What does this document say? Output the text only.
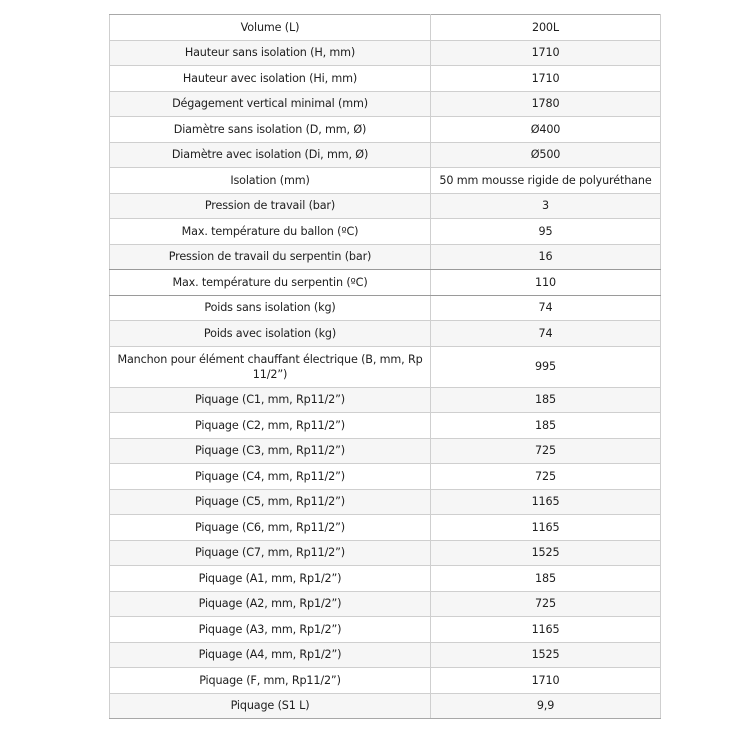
Volume (L)	200L
Hauteur sans isolation (H, mm)	1710
Hauteur avec isolation (Hi, mm)	1710
Dégagement vertical minimal (mm)	1780
Diamètre sans isolation (D, mm, Ø)	Ø400
Diamètre avec isolation (Di, mm, Ø)	Ø500
Isolation (mm)	50 mm mousse rigide de polyuréthane
Pression de travail (bar)	3
Max. température du ballon (ºC)	95
Pression de travail du serpentin (bar)	16
Max. température du serpentin (ºC)	110
Poids sans isolation (kg)	74
Poids avec isolation (kg)	74
Manchon pour élément chauffant électrique (B, mm, Rp 11/2”)	995
Piquage (C1, mm, Rp11/2”)	185
Piquage (C2, mm, Rp11/2”)	185
Piquage (C3, mm, Rp11/2”)	725
Piquage (C4, mm, Rp11/2”)	725
Piquage (C5, mm, Rp11/2”)	1165
Piquage (C6, mm, Rp11/2”)	1165
Piquage (C7, mm, Rp11/2”)	1525
Piquage (A1, mm, Rp1/2”)	185
Piquage (A2, mm, Rp1/2”)	725
Piquage (A3, mm, Rp1/2”)	1165
Piquage (A4, mm, Rp1/2”)	1525
Piquage (F, mm, Rp11/2”)	1710
Piquage (S1 L)	9,9
